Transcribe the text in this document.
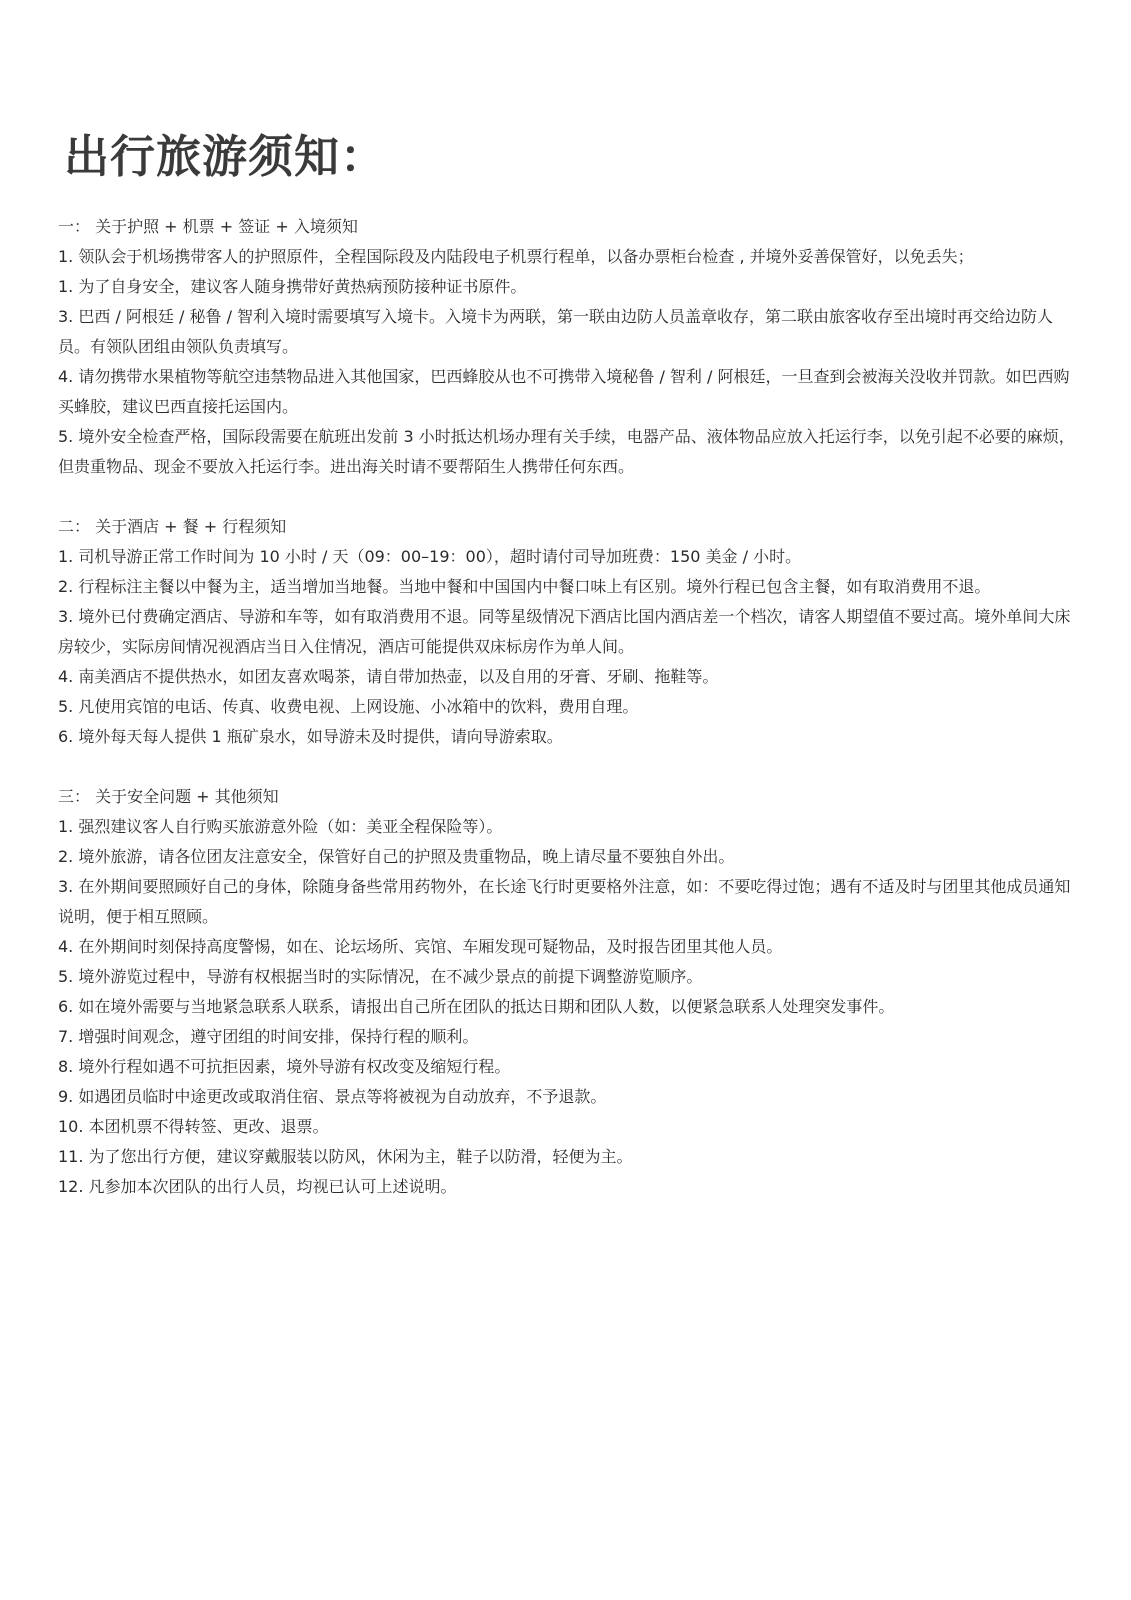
出行旅游须知：
一： 关于护照 + 机票 + 签证 + 入境须知

1. 领队会于机场携带客人的护照原件，全程国际段及内陆段电子机票行程单，以备办票柜台检查 , 并境外妥善保管好，以免丢失；

1. 为了自身安全，建议客人随身携带好黄热病预防接种证书原件。

3. 巴西 / 阿根廷 / 秘鲁 / 智利入境时需要填写入境卡。入境卡为两联，第一联由边防人员盖章收存，第二联由旅客收存至出境时再交给边防人员。有领队团组由领队负责填写。

4. 请勿携带水果植物等航空违禁物品进入其他国家，巴西蜂胶从也不可携带入境秘鲁 / 智利 / 阿根廷，一旦查到会被海关没收并罚款。如巴西购买蜂胶，建议巴西直接托运国内。

5. 境外安全检查严格，国际段需要在航班出发前 3 小时抵达机场办理有关手续，电器产品、液体物品应放入托运行李，以免引起不必要的麻烦，但贵重物品、现金不要放入托运行李。进出海关时请不要帮陌生人携带任何东西。

二： 关于酒店 + 餐 + 行程须知

1. 司机导游正常工作时间为 10 小时 / 天（09：00–19：00），超时请付司导加班费：150 美金 / 小时。

2. 行程标注主餐以中餐为主，适当增加当地餐。当地中餐和中国国内中餐口味上有区别。境外行程已包含主餐，如有取消费用不退。

3. 境外已付费确定酒店、导游和车等，如有取消费用不退。同等星级情况下酒店比国内酒店差一个档次，请客人期望值不要过高。境外单间大床房较少，实际房间情况视酒店当日入住情况，酒店可能提供双床标房作为单人间。

4. 南美酒店不提供热水，如团友喜欢喝茶，请自带加热壶，以及自用的牙膏、牙刷、拖鞋等。

5. 凡使用宾馆的电话、传真、收费电视、上网设施、小冰箱中的饮料，费用自理。

6. 境外每天每人提供 1 瓶矿泉水，如导游未及时提供，请向导游索取。

三： 关于安全问题 + 其他须知

1. 强烈建议客人自行购买旅游意外险（如：美亚全程保险等）。

2. 境外旅游，请各位团友注意安全，保管好自己的护照及贵重物品，晚上请尽量不要独自外出。

3. 在外期间要照顾好自己的身体，除随身备些常用药物外，在长途飞行时更要格外注意，如：不要吃得过饱；遇有不适及时与团里其他成员通知说明，便于相互照顾。

4. 在外期间时刻保持高度警惕，如在、论坛场所、宾馆、车厢发现可疑物品，及时报告团里其他人员。

5. 境外游览过程中，导游有权根据当时的实际情况，在不减少景点的前提下调整游览顺序。

6. 如在境外需要与当地紧急联系人联系，请报出自己所在团队的抵达日期和团队人数，以便紧急联系人处理突发事件。

7. 增强时间观念，遵守团组的时间安排，保持行程的顺利。

8. 境外行程如遇不可抗拒因素，境外导游有权改变及缩短行程。

9. 如遇团员临时中途更改或取消住宿、景点等将被视为自动放弃，不予退款。

10. 本团机票不得转签、更改、退票。

11. 为了您出行方便，建议穿戴服装以防风，休闲为主，鞋子以防滑，轻便为主。

12. 凡参加本次团队的出行人员，均视已认可上述说明。
